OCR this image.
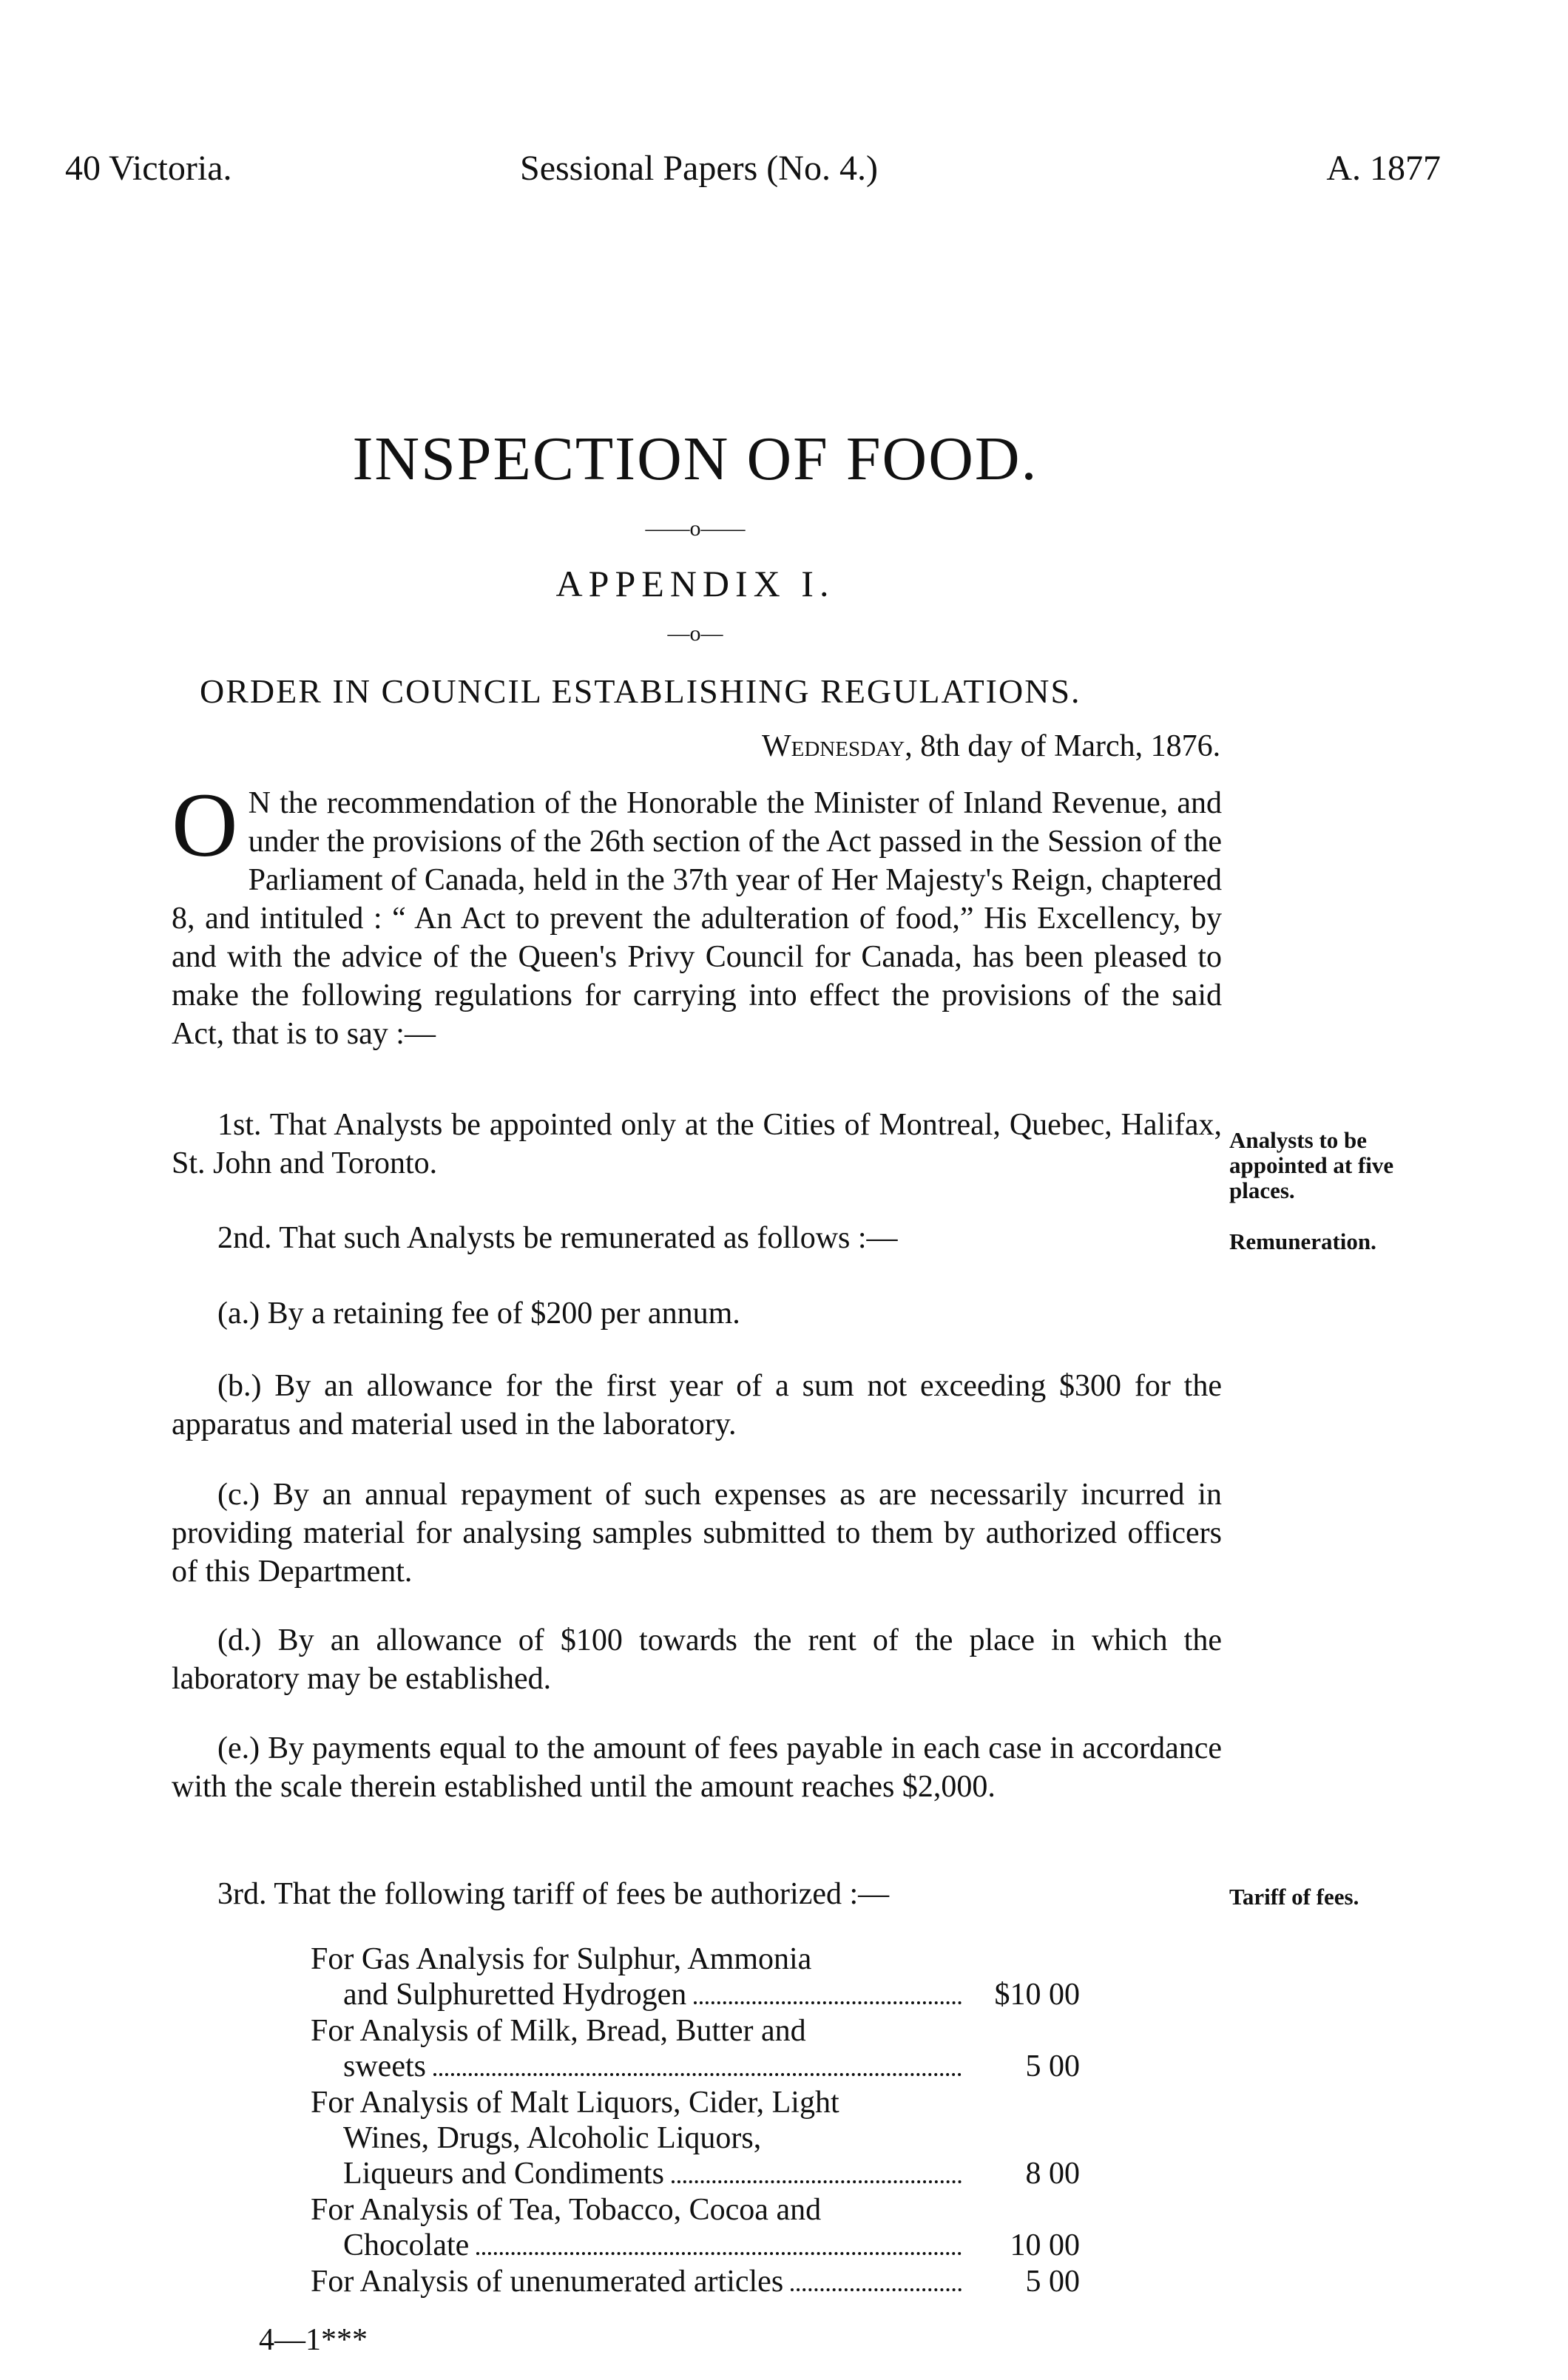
40 Victoria.	Sessional Papers (No. 4.)	A. 1877
INSPECTION OF FOOD.
——o——
APPENDIX I.
—o—
ORDER IN COUNCIL ESTABLISHING REGULATIONS.
Wednesday, 8th day of March, 1876.
O N the recommendation of the Honorable the Minister of Inland Revenue, and under the provisions of the 26th section of the Act passed in the Session of the Parliament of Canada, held in the 37th year of Her Majesty's Reign, chaptered 8, and intituled : “ An Act to prevent the adulteration of food,” His Excellency, by and with the advice of the Queen's Privy Council for Canada, has been pleased to make the following regulations for carrying into effect the provisions of the said Act, that is to say :—
1st. That Analysts be appointed only at the Cities of Montreal, Quebec, Halifax, St. John and Toronto.
2nd. That such Analysts be remunerated as follows :—
(a.) By a retaining fee of $200 per annum.
(b.) By an allowance for the first year of a sum not exceeding $300 for the apparatus and material used in the laboratory.
(c.) By an annual repayment of such expenses as are necessarily incurred in providing material for analysing samples submitted to them by authorized officers of this Department.
(d.) By an allowance of $100 towards the rent of the place in which the laboratory may be established.
(e.) By payments equal to the amount of fees payable in each case in accordance with the scale therein established until the amount reaches $2,000.
3rd. That the following tariff of fees be authorized :—
Analysts to be appointed at five places.
Remuneration.
Tariff of fees.
For Gas Analysis for Sulphur, Ammonia
and Sulphuretted Hydrogen	$10 00
For Analysis of Milk, Bread, Butter and
sweets	5 00
For Analysis of Malt Liquors, Cider, Light
Wines, Drugs, Alcoholic Liquors,
Liqueurs and Condiments	8 00
For Analysis of Tea, Tobacco, Cocoa and
Chocolate	10 00
For Analysis of unenumerated articles	5 00
4—1***
